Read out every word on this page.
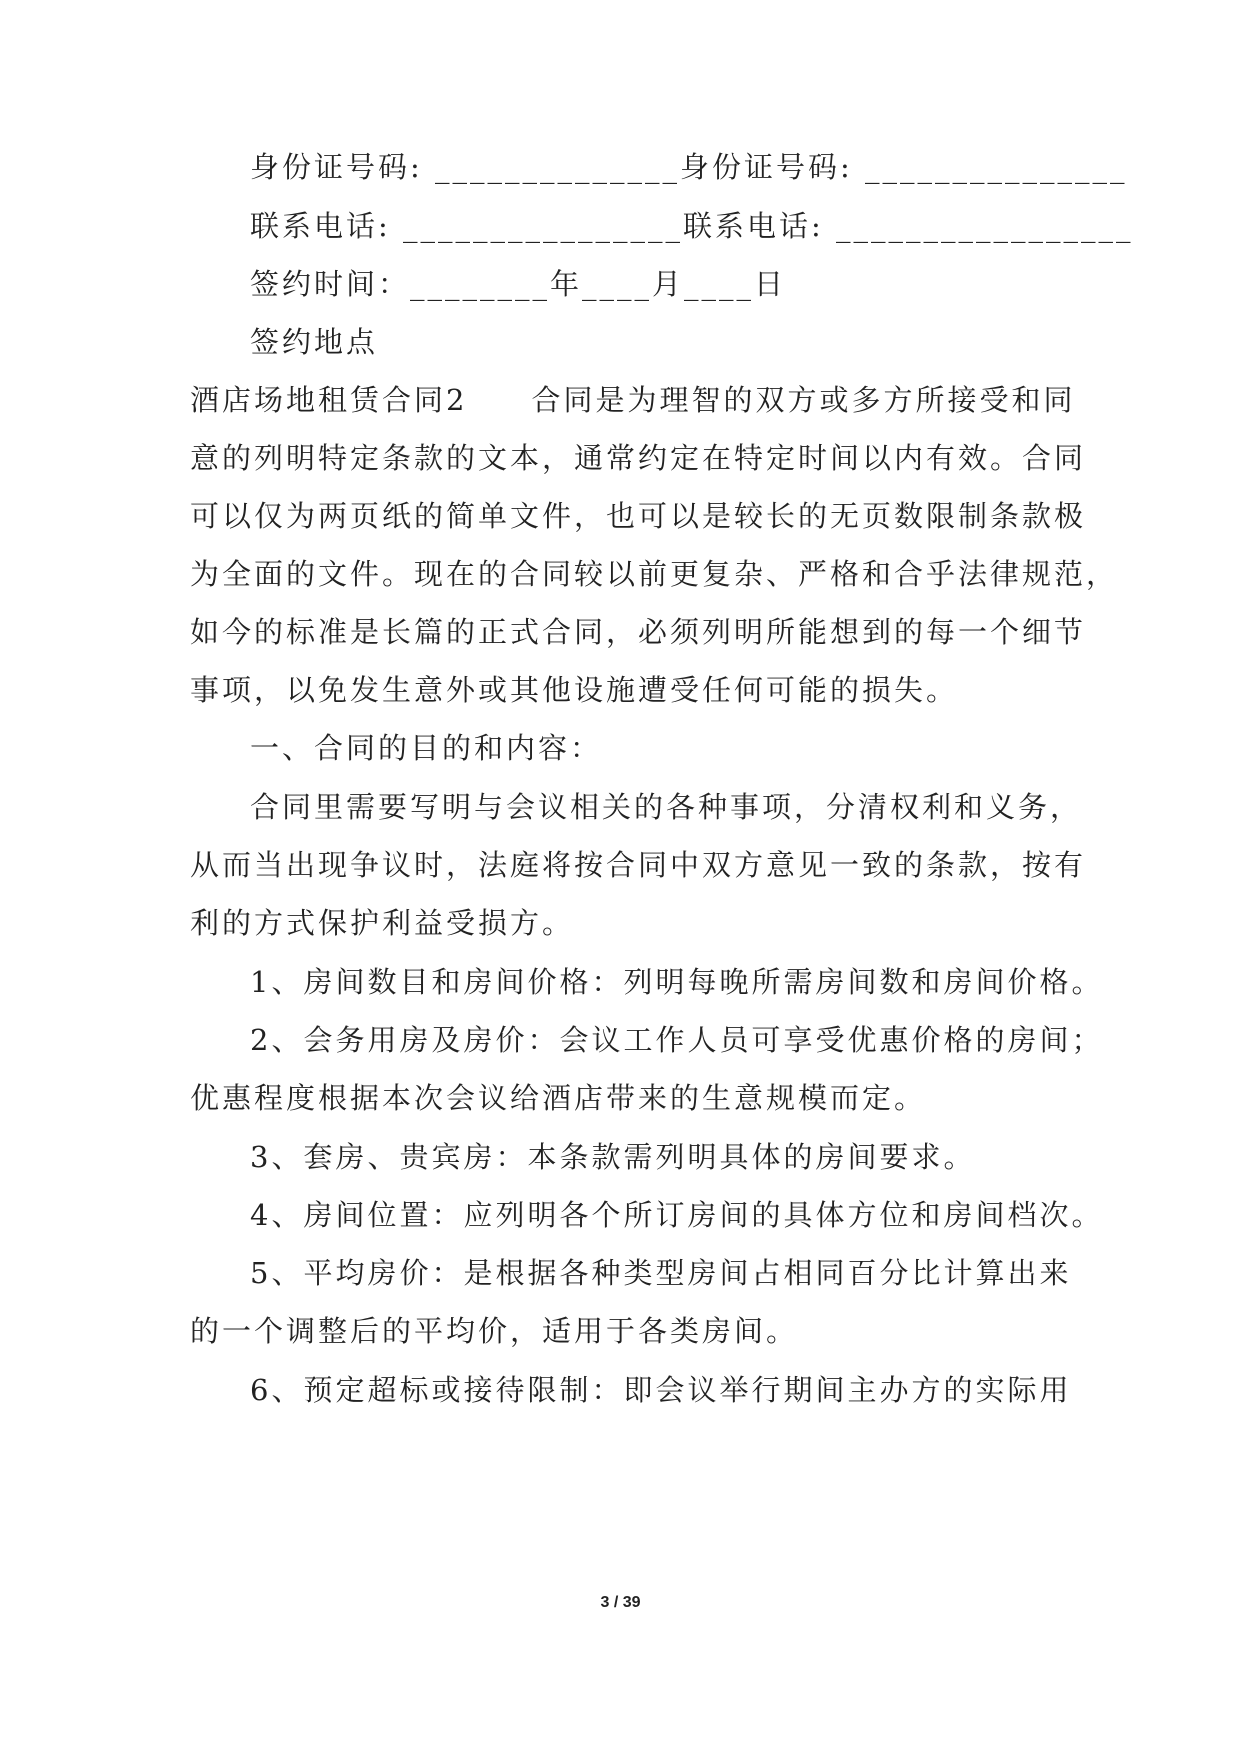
身份证号码: ______________身份证号码: _______________
联系电话: ________________联系电话: _________________
签约时间：________年____月____日
签约地点
酒店场地租赁合同2　　合同是为理智的双方或多方所接受和同
意的列明特定条款的文本，通常约定在特定时间以内有效。合同
可以仅为两页纸的简单文件，也可以是较长的无页数限制条款极
为全面的文件。现在的合同较以前更复杂、严格和合乎法律规范，
如今的标准是长篇的正式合同，必须列明所能想到的每一个细节
事项，以免发生意外或其他设施遭受任何可能的损失。
一、合同的目的和内容：
合同里需要写明与会议相关的各种事项，分清权利和义务，
从而当出现争议时，法庭将按合同中双方意见一致的条款，按有
利的方式保护利益受损方。
1、房间数目和房间价格：列明每晚所需房间数和房间价格。
2、会务用房及房价：会议工作人员可享受优惠价格的房间；
优惠程度根据本次会议给酒店带来的生意规模而定。
3、套房、贵宾房：本条款需列明具体的房间要求。
4、房间位置：应列明各个所订房间的具体方位和房间档次。
5、平均房价：是根据各种类型房间占相同百分比计算出来
的一个调整后的平均价，适用于各类房间。
6、预定超标或接待限制：即会议举行期间主办方的实际用
3 / 39
